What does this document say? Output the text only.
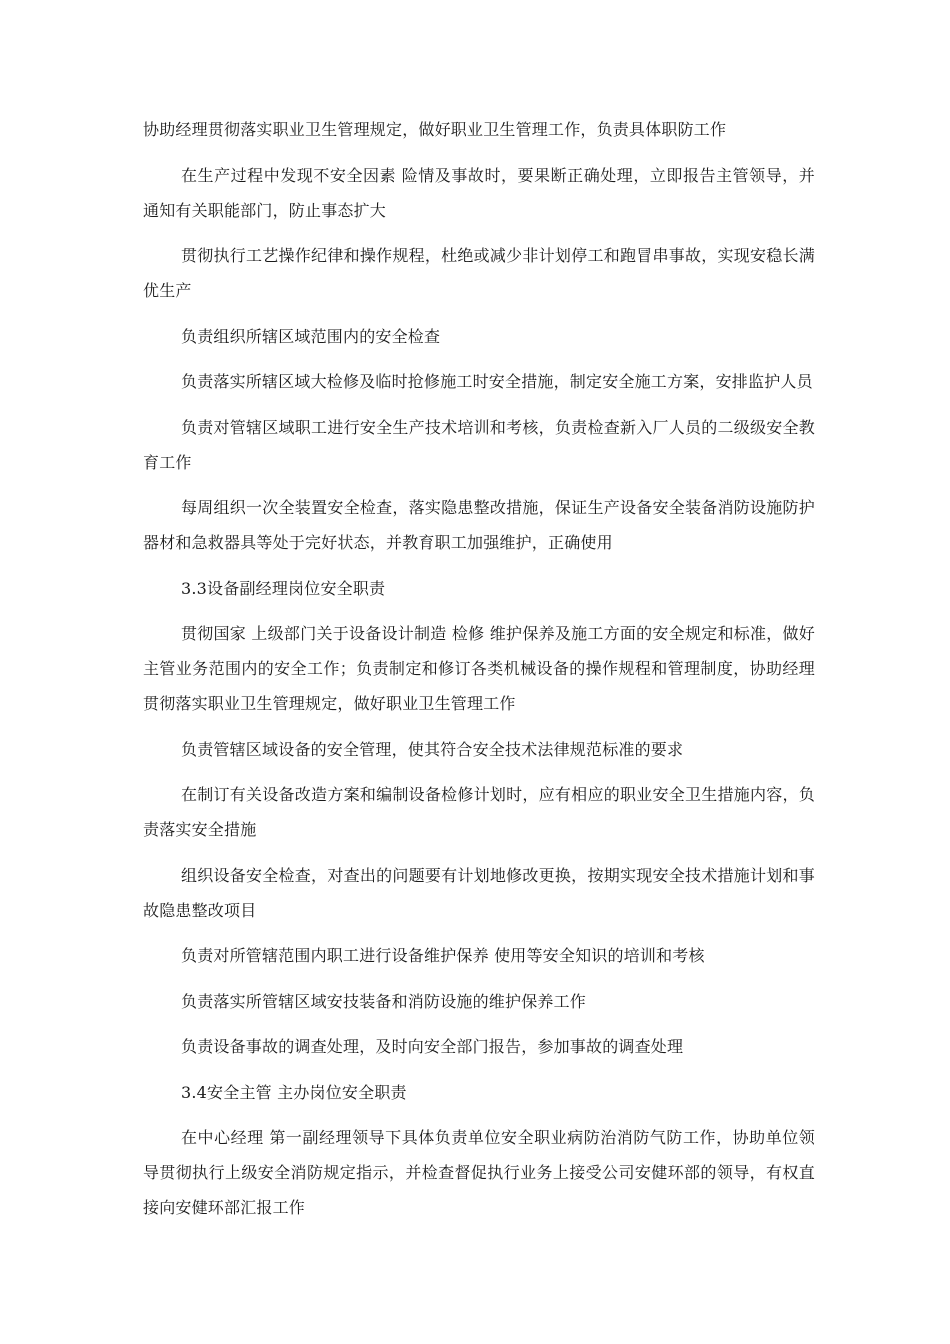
协助经理贯彻落实职业卫生管理规定，做好职业卫生管理工作，负责具体职防工作

在生产过程中发现不安全因素 险情及事故时，要果断正确处理，立即报告主管领导，并通知有关职能部门，防止事态扩大

贯彻执行工艺操作纪律和操作规程，杜绝或减少非计划停工和跑冒串事故，实现安稳长满优生产

负责组织所辖区域范围内的安全检查

负责落实所辖区域大检修及临时抢修施工时安全措施，制定安全施工方案，安排监护人员

负责对管辖区域职工进行安全生产技术培训和考核，负责检查新入厂人员的二级级安全教育工作

每周组织一次全装置安全检查，落实隐患整改措施，保证生产设备安全装备消防设施防护器材和急救器具等处于完好状态，并教育职工加强维护，正确使用

3.3设备副经理岗位安全职责

贯彻国家 上级部门关于设备设计制造 检修 维护保养及施工方面的安全规定和标准，做好主管业务范围内的安全工作；负责制定和修订各类机械设备的操作规程和管理制度，协助经理贯彻落实职业卫生管理规定，做好职业卫生管理工作

负责管辖区域设备的安全管理，使其符合安全技术法律规范标准的要求

在制订有关设备改造方案和编制设备检修计划时，应有相应的职业安全卫生措施内容，负责落实安全措施

组织设备安全检查，对查出的问题要有计划地修改更换，按期实现安全技术措施计划和事故隐患整改项目

负责对所管辖范围内职工进行设备维护保养 使用等安全知识的培训和考核

负责落实所管辖区域安技装备和消防设施的维护保养工作

负责设备事故的调查处理，及时向安全部门报告，参加事故的调查处理

3.4安全主管 主办岗位安全职责

在中心经理 第一副经理领导下具体负责单位安全职业病防治消防气防工作，协助单位领导贯彻执行上级安全消防规定指示，并检查督促执行业务上接受公司安健环部的领导，有权直接向安健环部汇报工作
